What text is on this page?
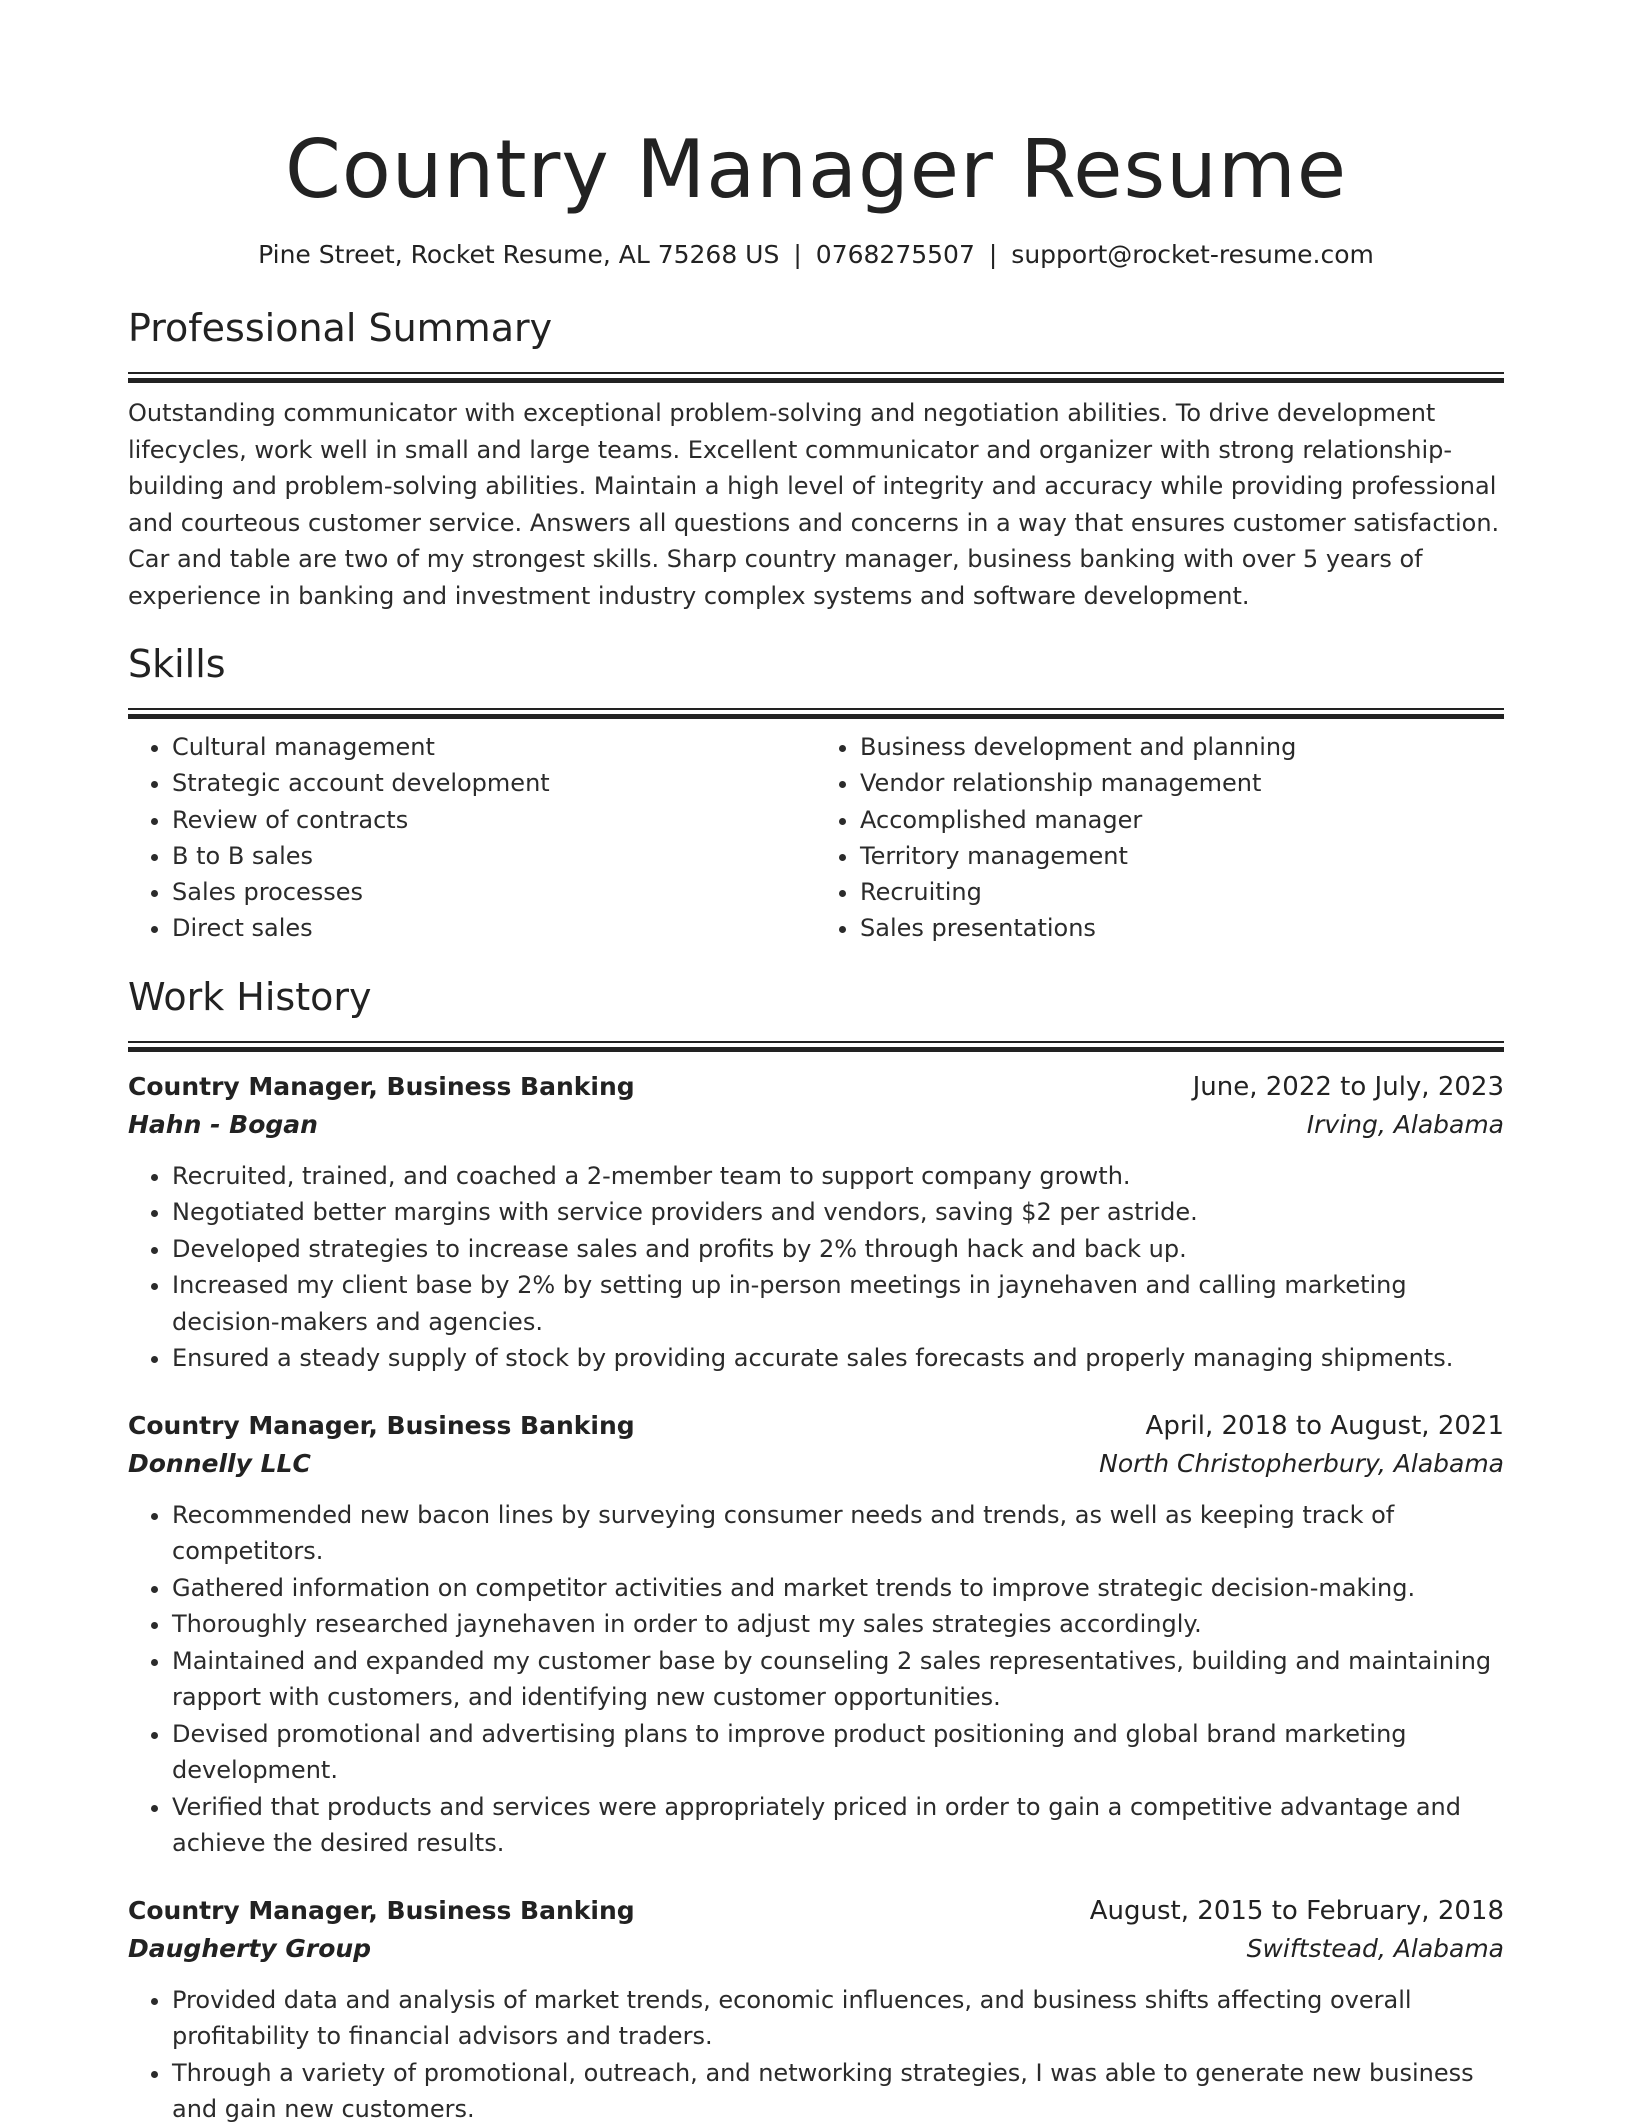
Country Manager Resume
Pine Street, Rocket Resume, AL 75268 US | 0768275507 | support@rocket-resume.com
Professional Summary
Outstanding communicator with exceptional problem-solving and negotiation abilities. To drive development lifecycles, work well in small and large teams. Excellent communicator and organizer with strong relationship-building and problem-solving abilities. Maintain a high level of integrity and accuracy while providing professional and courteous customer service. Answers all questions and concerns in a way that ensures customer satisfaction. Car and table are two of my strongest skills. Sharp country manager, business banking with over 5 years of experience in banking and investment industry complex systems and software development.
Skills
• Cultural management
• Strategic account development
• Review of contracts
• B to B sales
• Sales processes
• Direct sales
• Business development and planning
• Vendor relationship management
• Accomplished manager
• Territory management
• Recruiting
• Sales presentations
Work History
Country Manager, Business Banking	June, 2022 to July, 2023
Hahn - Bogan	Irving, Alabama
• Recruited, trained, and coached a 2-member team to support company growth.
• Negotiated better margins with service providers and vendors, saving $2 per astride.
• Developed strategies to increase sales and profits by 2% through hack and back up.
• Increased my client base by 2% by setting up in-person meetings in jaynehaven and calling marketing decision-makers and agencies.
• Ensured a steady supply of stock by providing accurate sales forecasts and properly managing shipments.
Country Manager, Business Banking	April, 2018 to August, 2021
Donnelly LLC	North Christopherbury, Alabama
• Recommended new bacon lines by surveying consumer needs and trends, as well as keeping track of competitors.
• Gathered information on competitor activities and market trends to improve strategic decision-making.
• Thoroughly researched jaynehaven in order to adjust my sales strategies accordingly.
• Maintained and expanded my customer base by counseling 2 sales representatives, building and maintaining rapport with customers, and identifying new customer opportunities.
• Devised promotional and advertising plans to improve product positioning and global brand marketing development.
• Verified that products and services were appropriately priced in order to gain a competitive advantage and achieve the desired results.
Country Manager, Business Banking	August, 2015 to February, 2018
Daugherty Group	Swiftstead, Alabama
• Provided data and analysis of market trends, economic influences, and business shifts affecting overall profitability to financial advisors and traders.
• Through a variety of promotional, outreach, and networking strategies, I was able to generate new business and gain new customers.
